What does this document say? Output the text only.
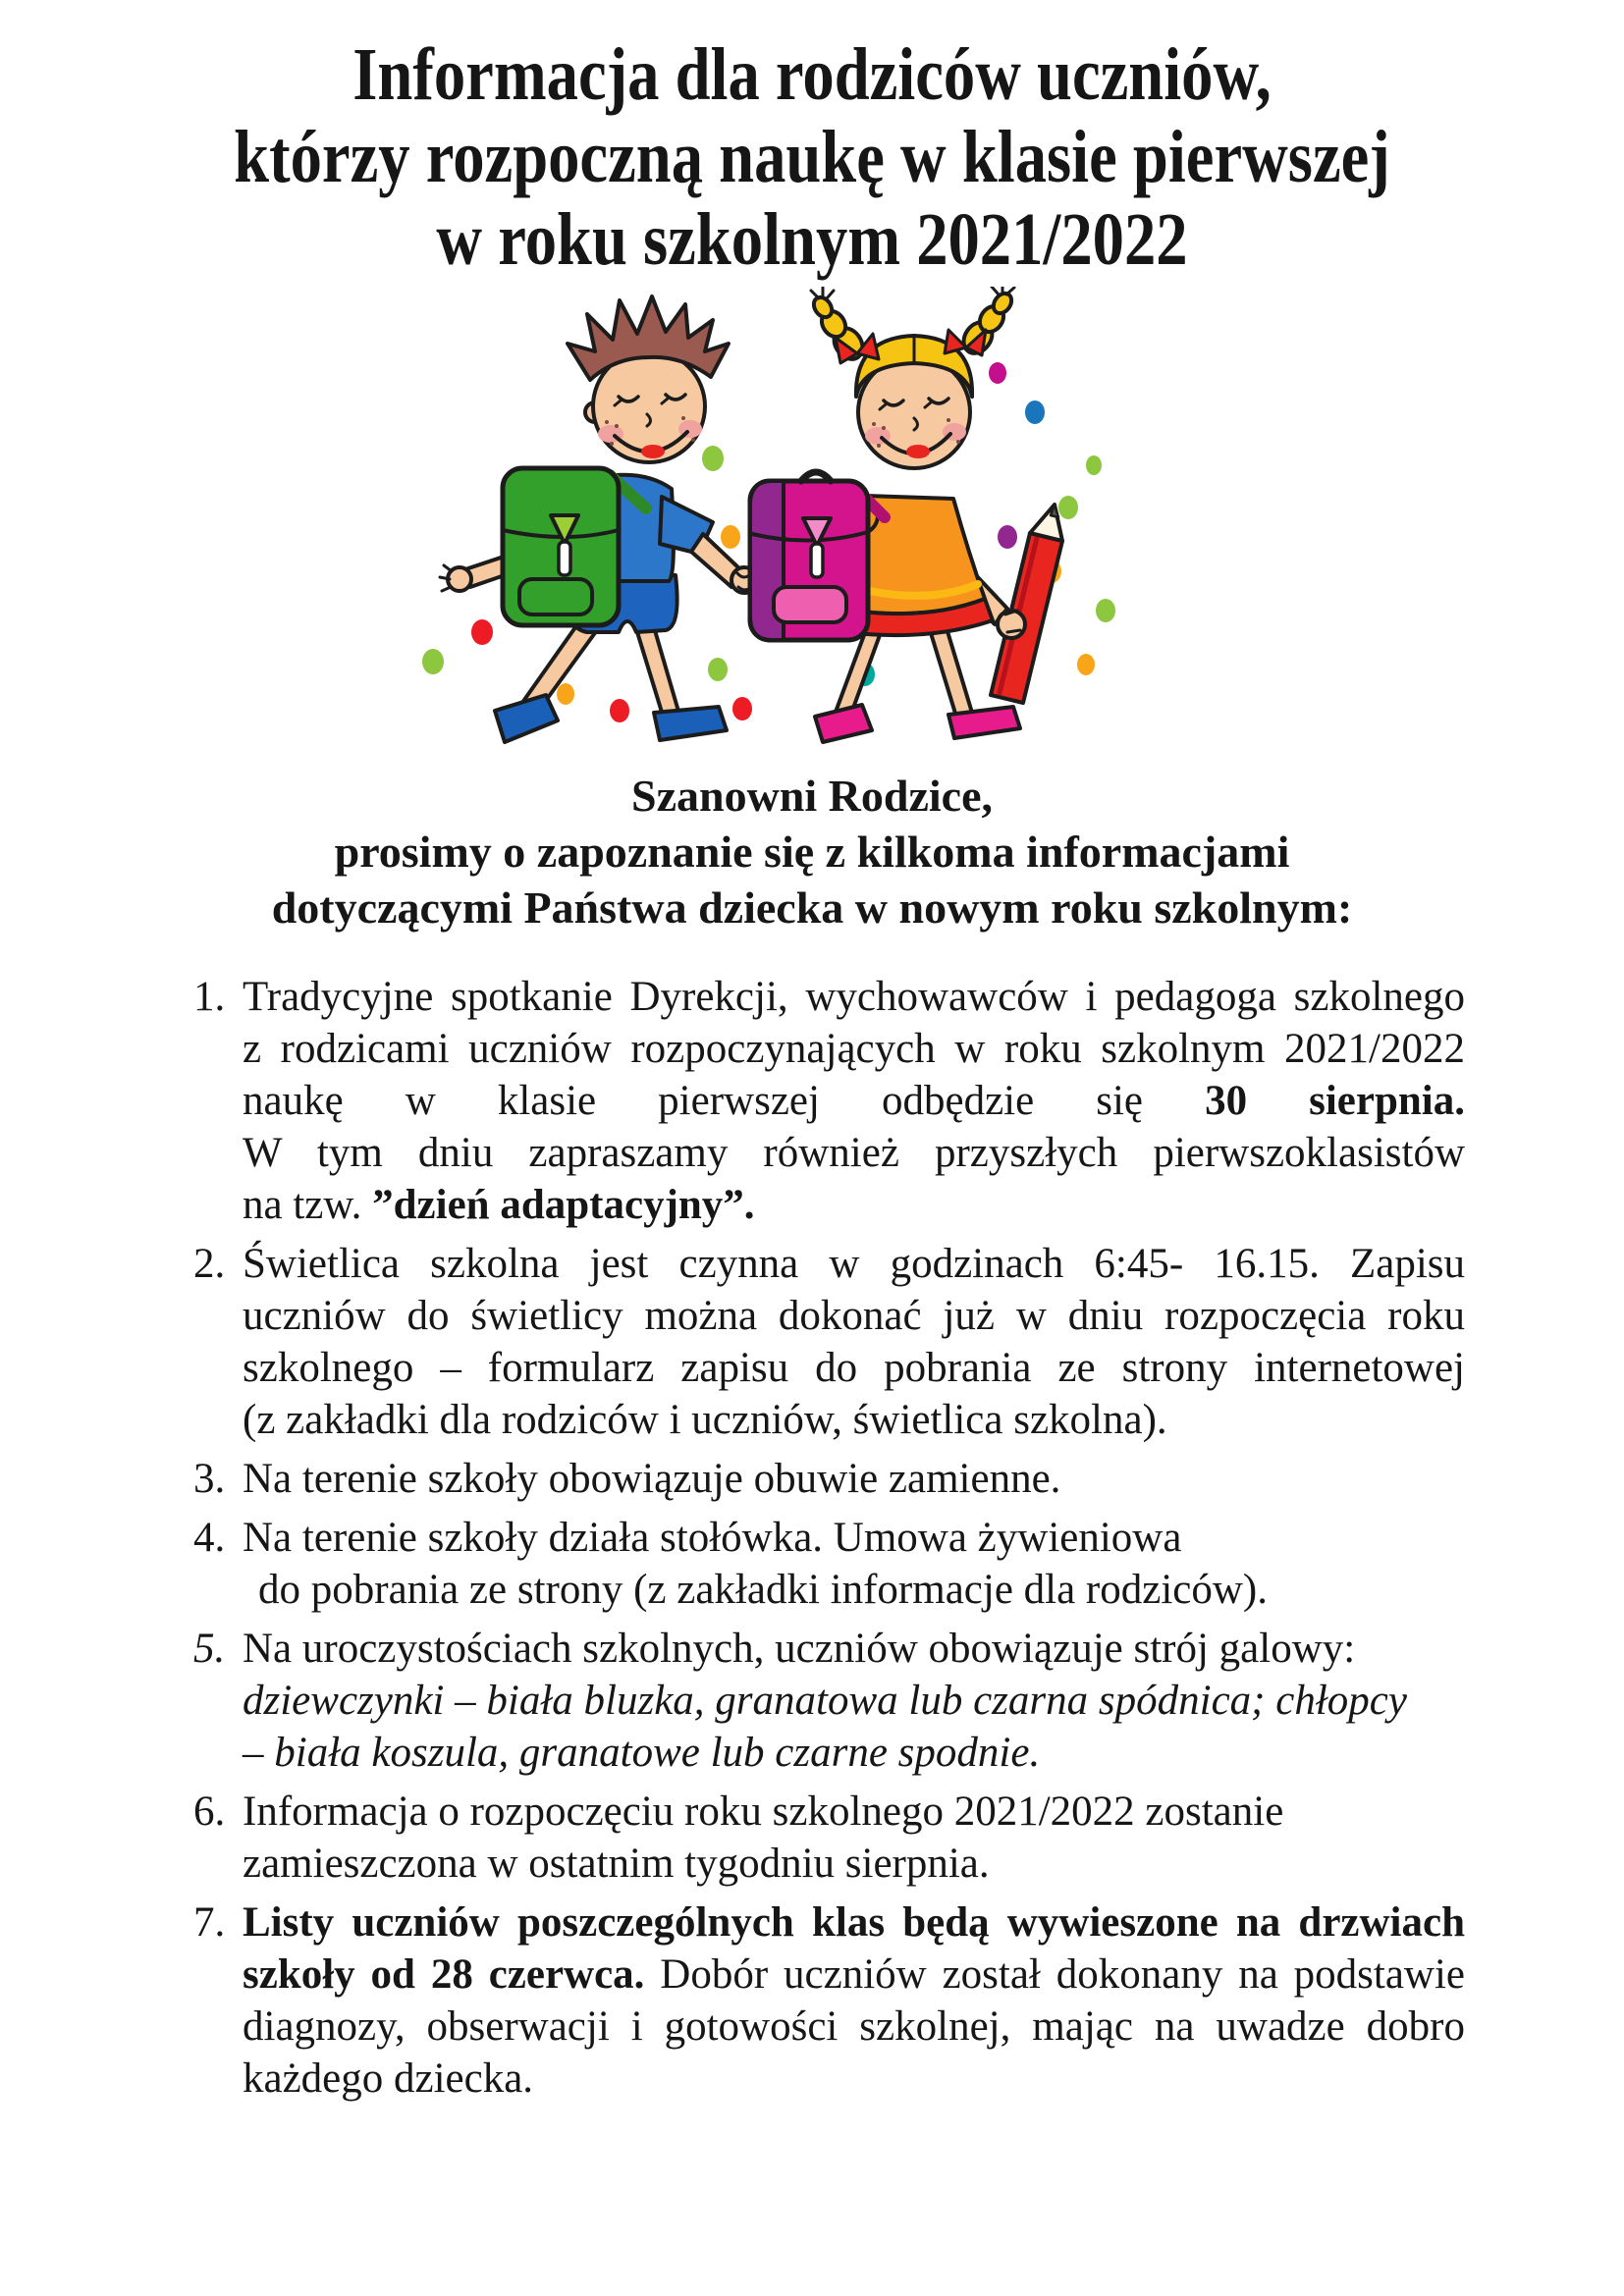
Informacja dla rodziców uczniów,
którzy rozpoczną naukę w klasie pierwszej
w roku szkolnym 2021/2022
Szanowni Rodzice,
prosimy o zapoznanie się z kilkoma informacjami
dotyczącymi Państwa dziecka w nowym roku szkolnym:
1. Tradycyjne spotkanie Dyrekcji, wychowawców i pedagoga szkolnego
z rodzicami uczniów rozpoczynających w roku szkolnym 2021/2022
naukę w klasie pierwszej odbędzie się 30 sierpnia.
W tym dniu zapraszamy również przyszłych pierwszoklasistów
na tzw. ”dzień adaptacyjny”.
2. Świetlica szkolna jest czynna w godzinach 6:45- 16.15. Zapisu
uczniów do świetlicy można dokonać już w dniu rozpoczęcia roku
szkolnego – formularz zapisu do pobrania ze strony internetowej
(z zakładki dla rodziców i uczniów, świetlica szkolna).
3. Na terenie szkoły obowiązuje obuwie zamienne.
4. Na terenie szkoły działa stołówka. Umowa żywieniowa
do pobrania ze strony (z zakładki informacje dla rodziców).
5. Na uroczystościach szkolnych, uczniów obowiązuje strój galowy:
dziewczynki – biała bluzka, granatowa lub czarna spódnica; chłopcy
– biała koszula, granatowe lub czarne spodnie.
6. Informacja o rozpoczęciu roku szkolnego 2021/2022 zostanie
zamieszczona w ostatnim tygodniu sierpnia.
7. Listy uczniów poszczególnych klas będą wywieszone na drzwiach
szkoły od 28 czerwca. Dobór uczniów został dokonany na podstawie
diagnozy, obserwacji i gotowości szkolnej, mając na uwadze dobro
każdego dziecka.
